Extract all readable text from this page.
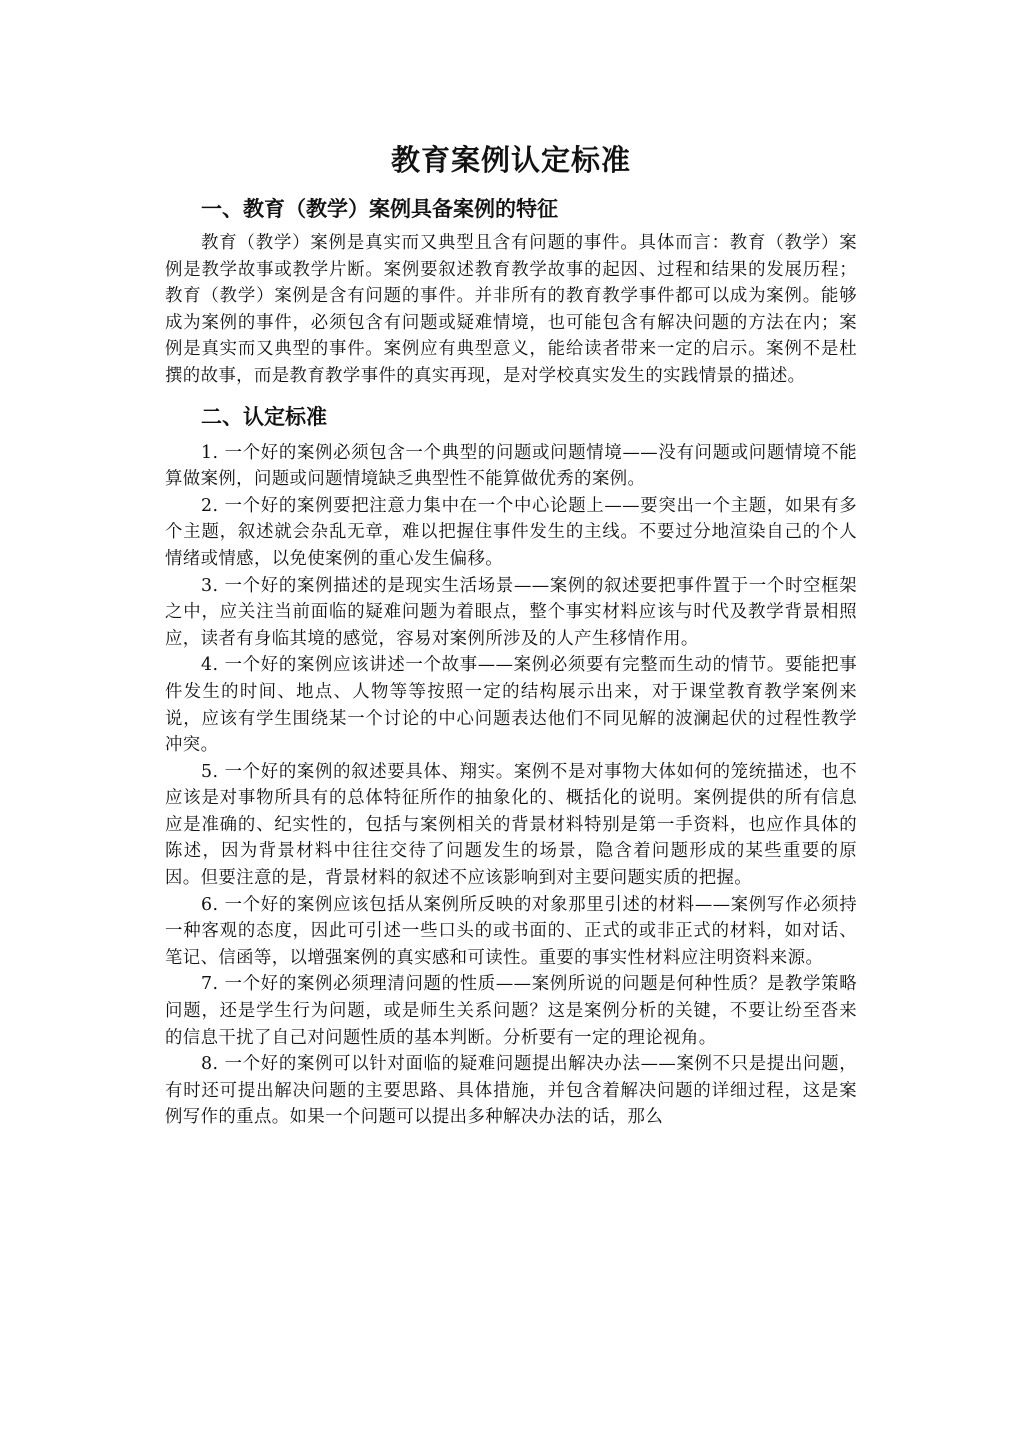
教育案例认定标准
一、教育（教学）案例具备案例的特征

教育（教学）案例是真实而又典型且含有问题的事件。具体而言：教育（教学）案例是教学故事或教学片断。案例要叙述教育教学故事的起因、过程和结果的发展历程；教育（教学）案例是含有问题的事件。并非所有的教育教学事件都可以成为案例。能够成为案例的事件，必须包含有问题或疑难情境，也可能包含有解决问题的方法在内；案例是真实而又典型的事件。案例应有典型意义，能给读者带来一定的启示。案例不是杜撰的故事，而是教育教学事件的真实再现，是对学校真实发生的实践情景的描述。

二、认定标准

1. 一个好的案例必须包含一个典型的问题或问题情境——没有问题或问题情境不能算做案例，问题或问题情境缺乏典型性不能算做优秀的案例。

2. 一个好的案例要把注意力集中在一个中心论题上——要突出一个主题，如果有多个主题，叙述就会杂乱无章，难以把握住事件发生的主线。不要过分地渲染自己的个人情绪或情感，以免使案例的重心发生偏移。

3. 一个好的案例描述的是现实生活场景——案例的叙述要把事件置于一个时空框架之中，应关注当前面临的疑难问题为着眼点，整个事实材料应该与时代及教学背景相照应，读者有身临其境的感觉，容易对案例所涉及的人产生移情作用。

4. 一个好的案例应该讲述一个故事——案例必须要有完整而生动的情节。要能把事件发生的时间、地点、人物等等按照一定的结构展示出来，对于课堂教育教学案例来说，应该有学生围绕某一个讨论的中心问题表达他们不同见解的波澜起伏的过程性教学冲突。

5. 一个好的案例的叙述要具体、翔实。案例不是对事物大体如何的笼统描述，也不应该是对事物所具有的总体特征所作的抽象化的、概括化的说明。案例提供的所有信息应是准确的、纪实性的，包括与案例相关的背景材料特别是第一手资料，也应作具体的陈述，因为背景材料中往往交待了问题发生的场景，隐含着问题形成的某些重要的原因。但要注意的是，背景材料的叙述不应该影响到对主要问题实质的把握。

6. 一个好的案例应该包括从案例所反映的对象那里引述的材料——案例写作必须持一种客观的态度，因此可引述一些口头的或书面的、正式的或非正式的材料，如对话、笔记、信函等，以增强案例的真实感和可读性。重要的事实性材料应注明资料来源。

7. 一个好的案例必须理清问题的性质——案例所说的问题是何种性质？是教学策略问题，还是学生行为问题，或是师生关系问题？这是案例分析的关键，不要让纷至沓来的信息干扰了自己对问题性质的基本判断。分析要有一定的理论视角。

8. 一个好的案例可以针对面临的疑难问题提出解决办法——案例不只是提出问题，有时还可提出解决问题的主要思路、具体措施，并包含着解决问题的详细过程，这是案例写作的重点。如果一个问题可以提出多种解决办法的话，那么
